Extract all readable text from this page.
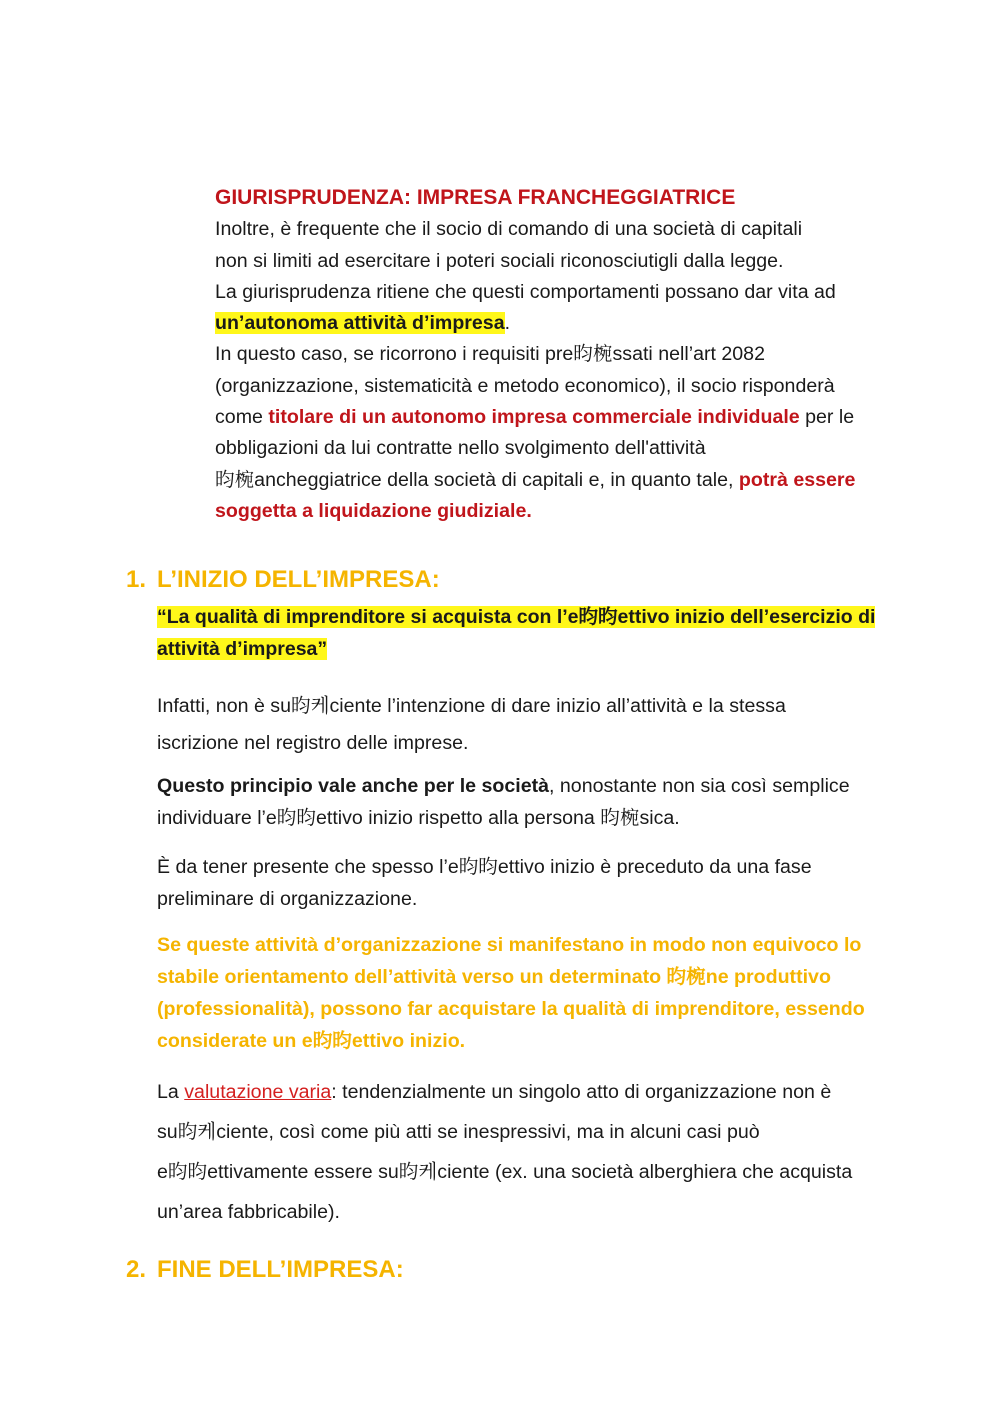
GIURISPRUDENZA: IMPRESA FRANCHEGGIATRICE
Inoltre, è frequente che il socio di comando di una società di capitali
non si limiti ad esercitare i poteri sociali riconosciutigli dalla legge.
La giurisprudenza ritiene che questi comportamenti possano dar vita ad
un’autonoma attività d’impresa.
In questo caso, se ricorrono i requisiti pre昀椀ssati nell’art 2082
(organizzazione, sistematicità e metodo economico), il socio risponderà
come titolare di un autonomo impresa commerciale individuale per le
obbligazioni da lui contratte nello svolgimento dell'attività
昀椀ancheggiatrice della società di capitali e, in quanto tale, potrà essere
soggetta a liquidazione giudiziale.
1. L’INIZIO DELL’IMPRESA:
“La qualità di imprenditore si acquista con l’e昀昀ettivo inizio dell’esercizio di
attività d’impresa”
Infatti, non è su昀케ciente l’intenzione di dare inizio all’attività e la stessa
iscrizione nel registro delle imprese.
Questo principio vale anche per le società, nonostante non sia così semplice
individuare l’e昀昀ettivo inizio rispetto alla persona 昀椀sica.
È da tener presente che spesso l’e昀昀ettivo inizio è preceduto da una fase
preliminare di organizzazione.
Se queste attività d’organizzazione si manifestano in modo non equivoco lo
stabile orientamento dell’attività verso un determinato 昀椀ne produttivo
(professionalità), possono far acquistare la qualità di imprenditore, essendo
considerate un e昀昀ettivo inizio.
La valutazione varia: tendenzialmente un singolo atto di organizzazione non è
su昀케ciente, così come più atti se inespressivi, ma in alcuni casi può
e昀昀ettivamente essere su昀케ciente (ex. una società alberghiera che acquista
un’area fabbricabile).
2. FINE DELL’IMPRESA:
